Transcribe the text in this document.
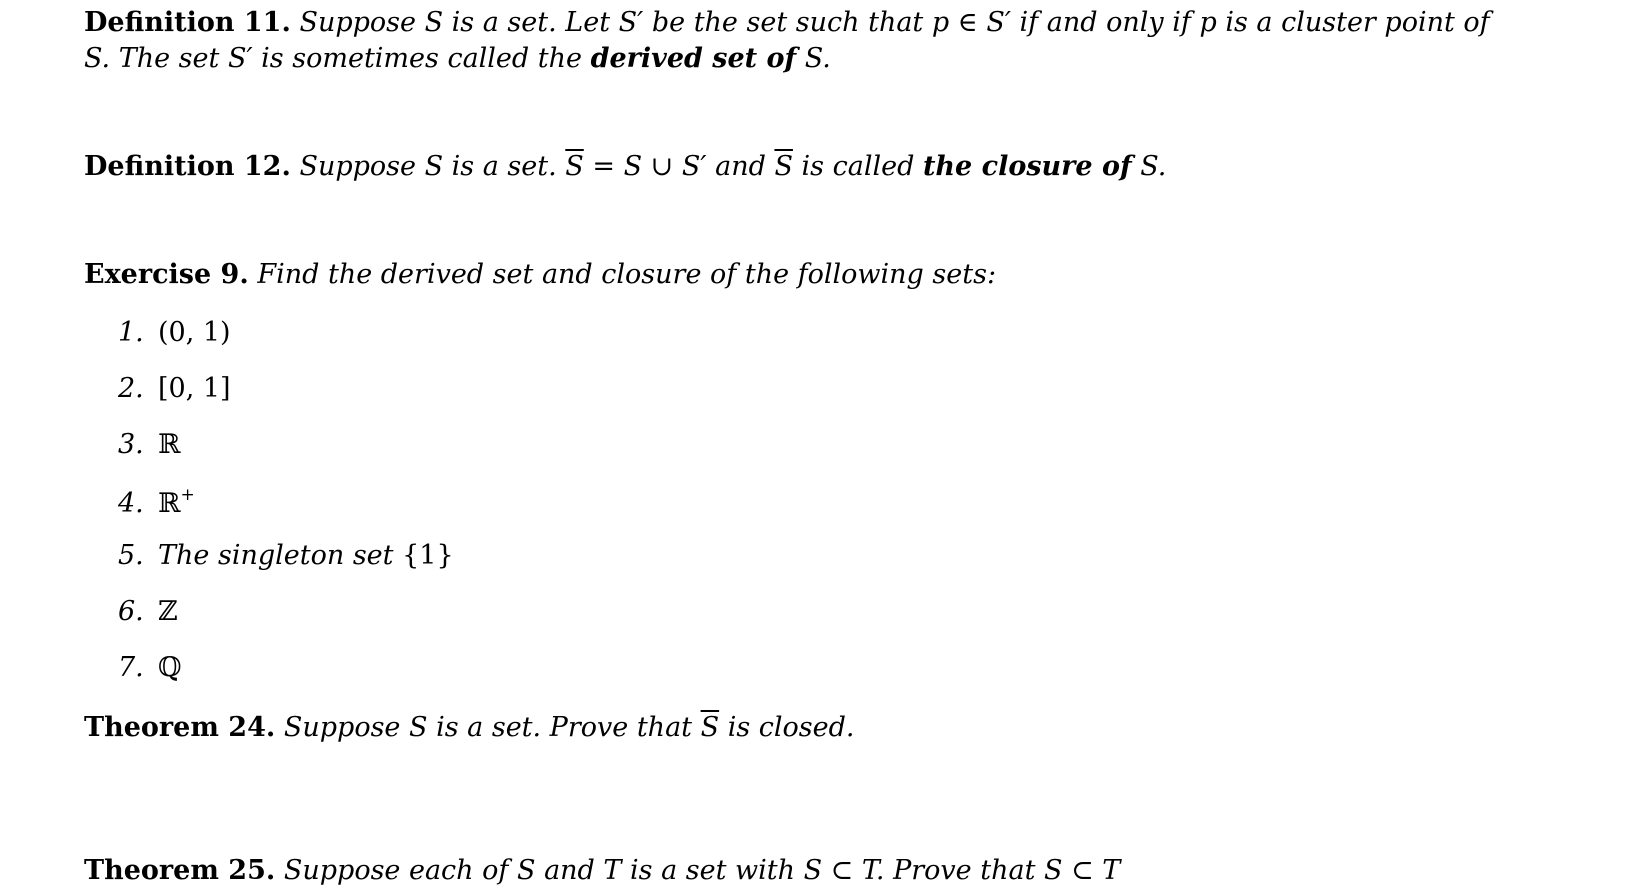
Definition 11. Suppose S is a set. Let S′ be the set such that p ∈ S′ if and only if p is a cluster point of
S. The set S′ is sometimes called the derived set of S.
Definition 12. Suppose S is a set. $\overline{S} = S$ ∪ S′ and $\overline{S}$ is called the closure of S.
Exercise 9. Find the derived set and closure of the following sets:
1. (0, 1)
2. [0, 1]
3. ℝ
4. ℝ+
5. The singleton set {1}
6. ℤ
7. ℚ
Theorem 24. Suppose S is a set. Prove that $\overline{S}$ is closed.
Theorem 25. Suppose each of S and T is a set with S ⊂ T. Prove that S ⊂ T
